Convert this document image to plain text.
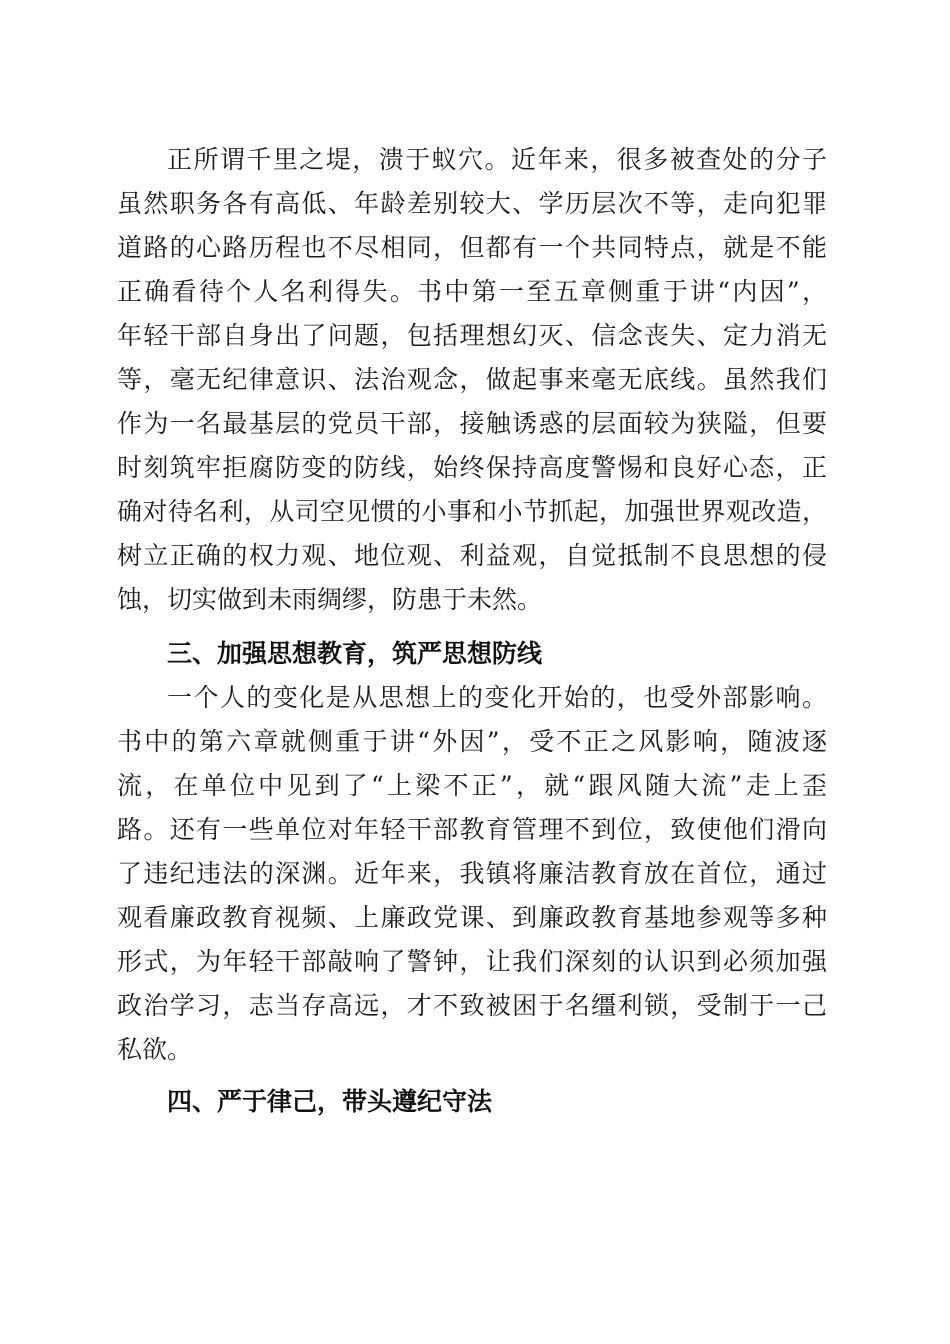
正所谓千里之堤，溃于蚁穴。近年来，很多被查处的分子
虽然职务各有高低、年龄差别较大、学历层次不等，走向犯罪
道路的心路历程也不尽相同，但都有一个共同特点，就是不能
正确看待个人名利得失。书中第一至五章侧重于讲“内因”，
年轻干部自身出了问题，包括理想幻灭、信念丧失、定力消无
等，毫无纪律意识、法治观念，做起事来毫无底线。虽然我们
作为一名最基层的党员干部，接触诱惑的层面较为狭隘，但要
时刻筑牢拒腐防变的防线，始终保持高度警惕和良好心态，正
确对待名利，从司空见惯的小事和小节抓起，加强世界观改造，
树立正确的权力观、地位观、利益观，自觉抵制不良思想的侵
蚀，切实做到未雨绸缪，防患于未然。
三、加强思想教育，筑严思想防线
一个人的变化是从思想上的变化开始的，也受外部影响。
书中的第六章就侧重于讲“外因”，受不正之风影响，随波逐
流，在单位中见到了“上梁不正”，就“跟风随大流”走上歪
路。还有一些单位对年轻干部教育管理不到位，致使他们滑向
了违纪违法的深渊。近年来，我镇将廉洁教育放在首位，通过
观看廉政教育视频、上廉政党课、到廉政教育基地参观等多种
形式，为年轻干部敲响了警钟，让我们深刻的认识到必须加强
政治学习，志当存高远，才不致被困于名缰利锁，受制于一己
私欲。
四、严于律己，带头遵纪守法
